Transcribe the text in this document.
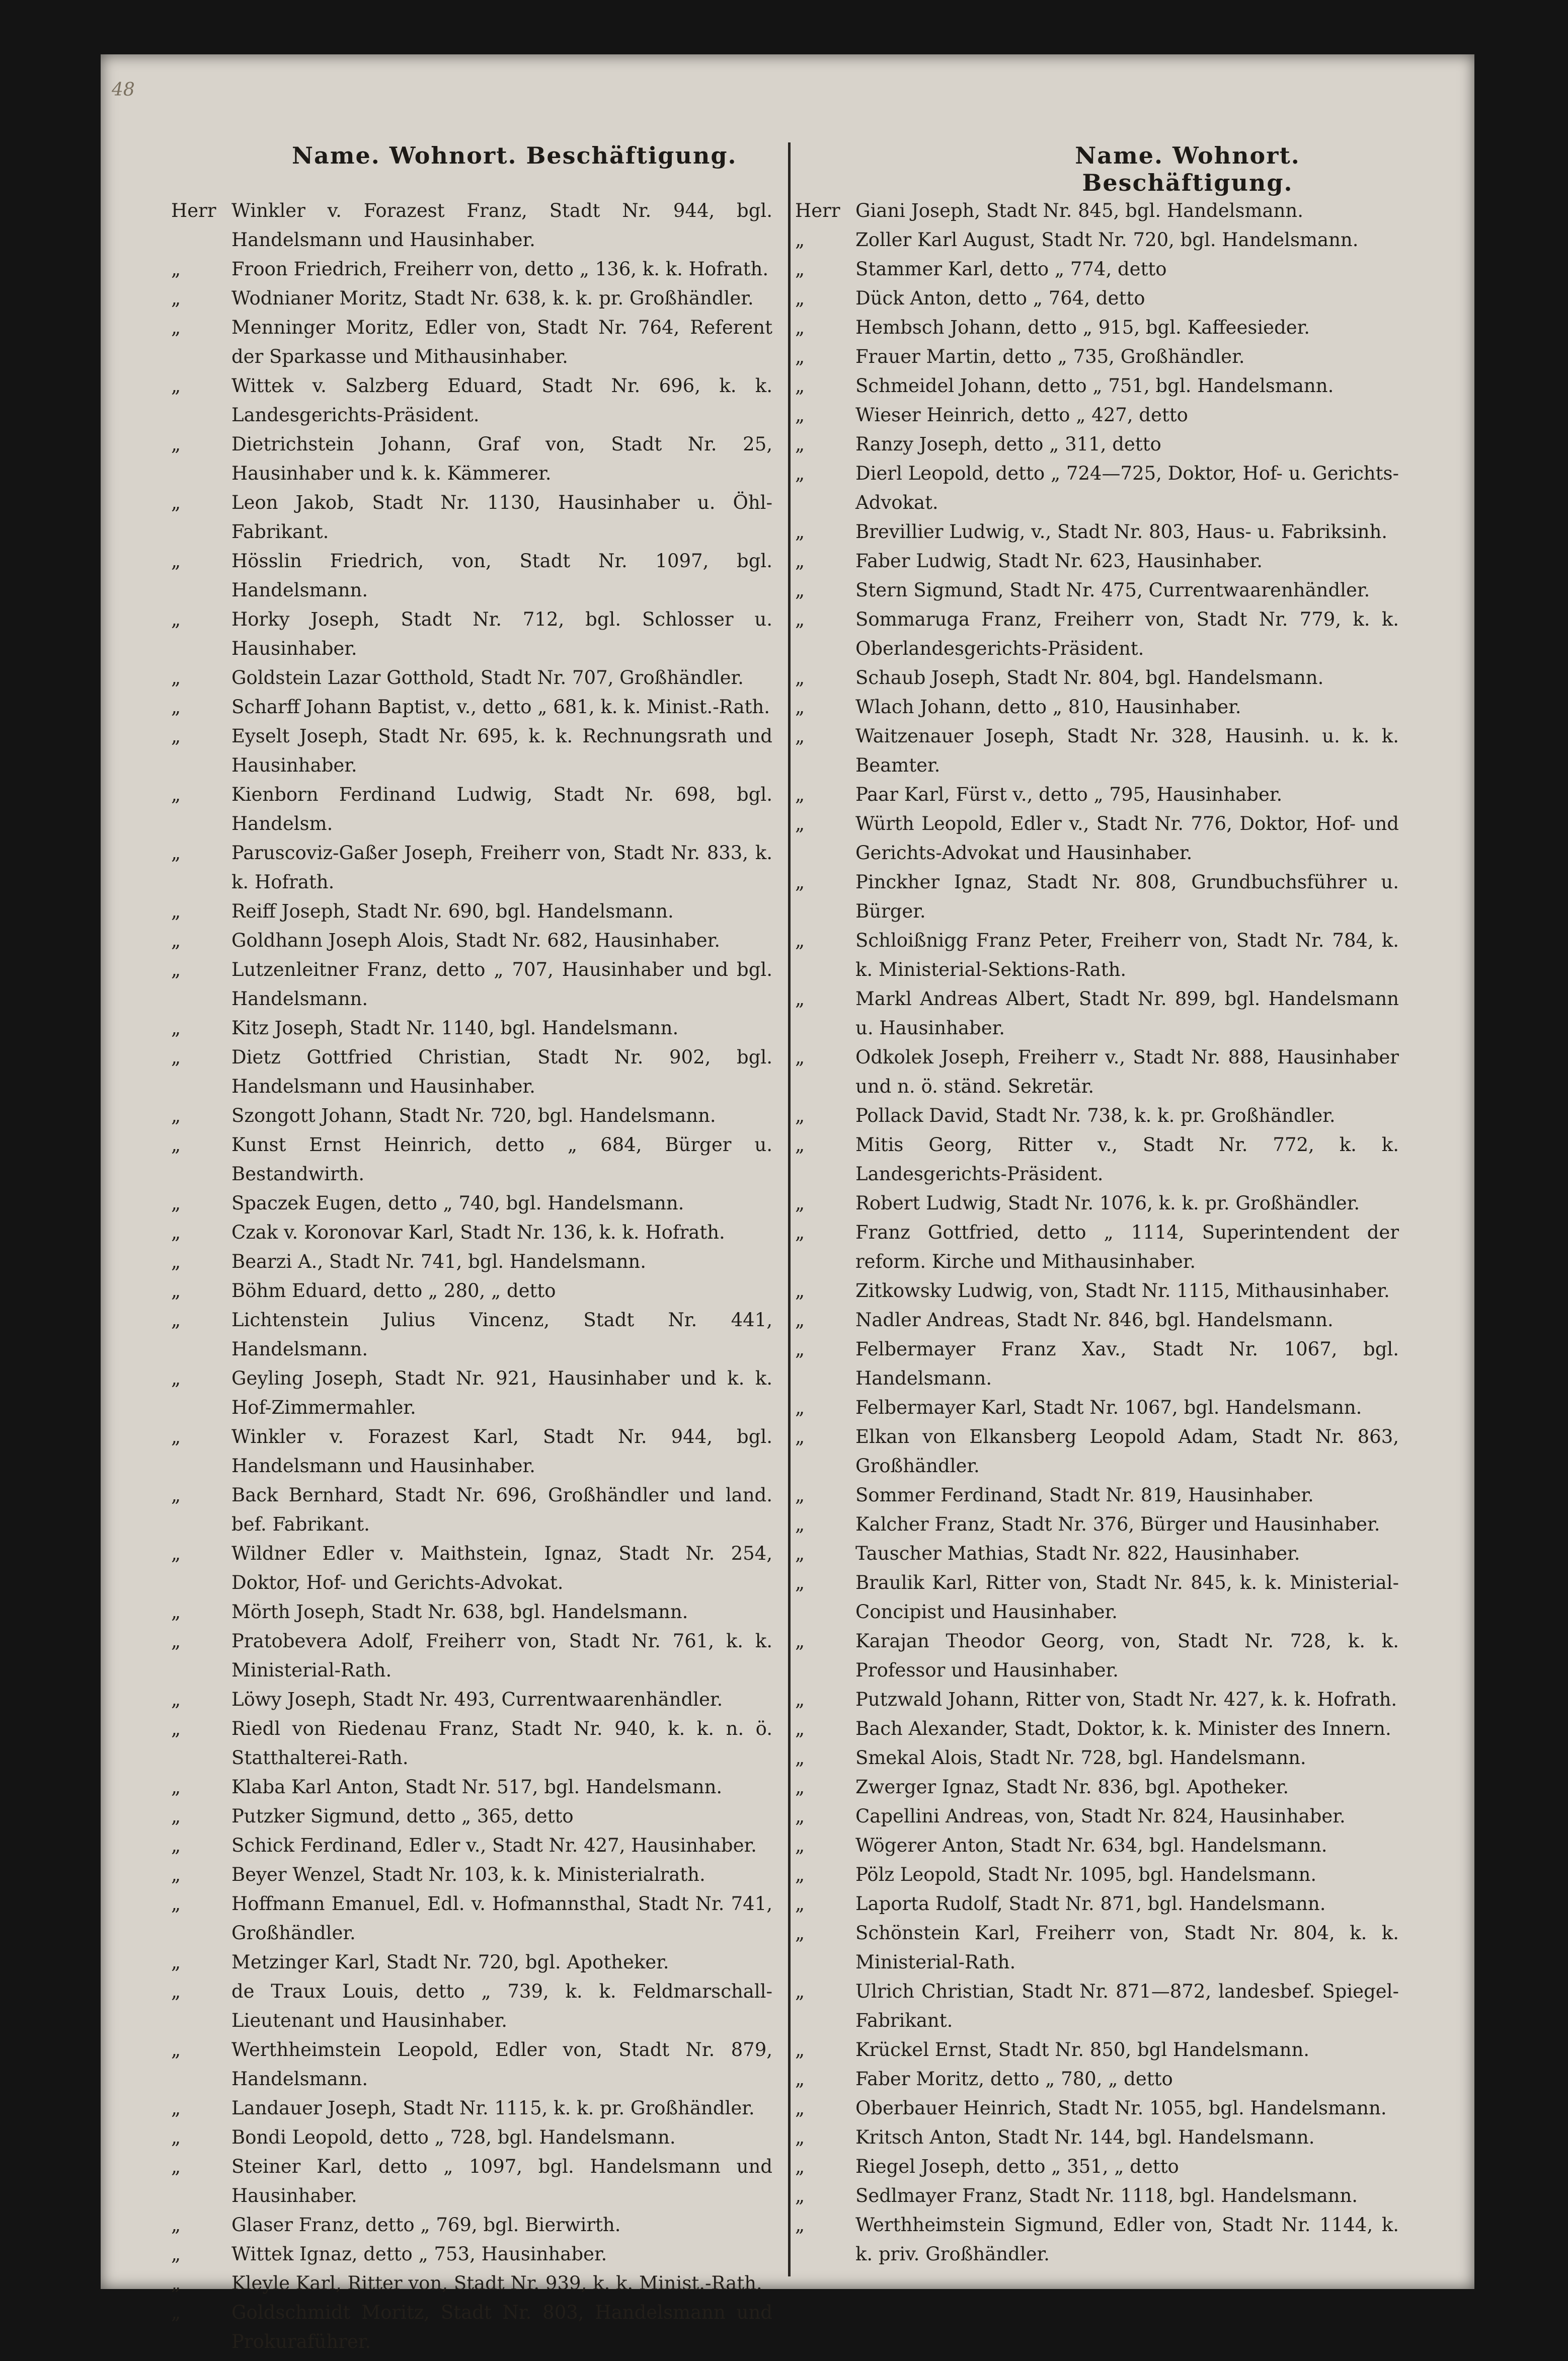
48
Name. Wohnort. Beschäftigung.
Herr Winkler v. Forazest Franz, Stadt Nr. 944, bgl. Handelsmann und Hausinhaber.
„	Froon Friedrich, Freiherr von, detto „ 136, k. k. Hofrath.
„	Wodnianer Moritz, Stadt Nr. 638, k. k. pr. Großhändler.
„	Menninger Moritz, Edler von, Stadt Nr. 764, Referent der Sparkasse und Mithausinhaber.
„	Wittek v. Salzberg Eduard, Stadt Nr. 696, k. k. Landesgerichts-Präsident.
„	Dietrichstein Johann, Graf von, Stadt Nr. 25, Hausinhaber und k. k. Kämmerer.
„	Leon Jakob, Stadt Nr. 1130, Hausinhaber u. Öhl-Fabrikant.
„	Hösslin Friedrich, von, Stadt Nr. 1097, bgl. Handelsmann.
„	Horky Joseph, Stadt Nr. 712, bgl. Schlosser u. Hausinhaber.
„	Goldstein Lazar Gotthold, Stadt Nr. 707, Großhändler.
„	Scharff Johann Baptist, v., detto „ 681, k. k. Minist.-Rath.
„	Eyselt Joseph, Stadt Nr. 695, k. k. Rechnungsrath und Hausinhaber.
„	Kienborn Ferdinand Ludwig, Stadt Nr. 698, bgl. Handelsm.
„	Paruscoviz-Gaßer Joseph, Freiherr von, Stadt Nr. 833, k. k. Hofrath.
„	Reiff Joseph, Stadt Nr. 690, bgl. Handelsmann.
„	Goldhann Joseph Alois, Stadt Nr. 682, Hausinhaber.
„	Lutzenleitner Franz, detto „ 707, Hausinhaber und bgl. Handelsmann.
„	Kitz Joseph, Stadt Nr. 1140, bgl. Handelsmann.
„	Dietz Gottfried Christian, Stadt Nr. 902, bgl. Handelsmann und Hausinhaber.
„	Szongott Johann, Stadt Nr. 720, bgl. Handelsmann.
„	Kunst Ernst Heinrich, detto „ 684, Bürger u. Bestandwirth.
„	Spaczek Eugen, detto „ 740, bgl. Handelsmann.
„	Czak v. Koronovar Karl, Stadt Nr. 136, k. k. Hofrath.
„	Bearzi A., Stadt Nr. 741, bgl. Handelsmann.
„	Böhm Eduard, detto „ 280, „ detto
„	Lichtenstein Julius Vincenz, Stadt Nr. 441, Handelsmann.
„	Geyling Joseph, Stadt Nr. 921, Hausinhaber und k. k. Hof-Zimmermahler.
„	Winkler v. Forazest Karl, Stadt Nr. 944, bgl. Handelsmann und Hausinhaber.
„	Back Bernhard, Stadt Nr. 696, Großhändler und land. bef. Fabrikant.
„	Wildner Edler v. Maithstein, Ignaz, Stadt Nr. 254, Doktor, Hof- und Gerichts-Advokat.
„	Mörth Joseph, Stadt Nr. 638, bgl. Handelsmann.
„	Pratobevera Adolf, Freiherr von, Stadt Nr. 761, k. k. Ministerial-Rath.
„	Löwy Joseph, Stadt Nr. 493, Currentwaarenhändler.
„	Riedl von Riedenau Franz, Stadt Nr. 940, k. k. n. ö. Statthalterei-Rath.
„	Klaba Karl Anton, Stadt Nr. 517, bgl. Handelsmann.
„	Putzker Sigmund, detto „ 365, detto
„	Schick Ferdinand, Edler v., Stadt Nr. 427, Hausinhaber.
„	Beyer Wenzel, Stadt Nr. 103, k. k. Ministerialrath.
„	Hoffmann Emanuel, Edl. v. Hofmannsthal, Stadt Nr. 741, Großhändler.
„	Metzinger Karl, Stadt Nr. 720, bgl. Apotheker.
„	de Traux Louis, detto „ 739, k. k. Feldmarschall-Lieutenant und Hausinhaber.
„	Werthheimstein Leopold, Edler von, Stadt Nr. 879, Handelsmann.
„	Landauer Joseph, Stadt Nr. 1115, k. k. pr. Großhändler.
„	Bondi Leopold, detto „ 728, bgl. Handelsmann.
„	Steiner Karl, detto „ 1097, bgl. Handelsmann und Hausinhaber.
„	Glaser Franz, detto „ 769, bgl. Bierwirth.
„	Wittek Ignaz, detto „ 753, Hausinhaber.
„	Kleyle Karl, Ritter von, Stadt Nr. 939, k. k. Minist.-Rath.
„	Goldschmidt Moritz, Stadt Nr. 803, Handelsmann und Prokuraführer.
Name. Wohnort. Beschäftigung.
Herr Giani Joseph, Stadt Nr. 845, bgl. Handelsmann.
„	Zoller Karl August, Stadt Nr. 720, bgl. Handelsmann.
„	Stammer Karl, detto „ 774, detto
„	Dück Anton, detto „ 764, detto
„	Hembsch Johann, detto „ 915, bgl. Kaffeesieder.
„	Frauer Martin, detto „ 735, Großhändler.
„	Schmeidel Johann, detto „ 751, bgl. Handelsmann.
„	Wieser Heinrich, detto „ 427, detto
„	Ranzy Joseph, detto „ 311, detto
„	Dierl Leopold, detto „ 724—725, Doktor, Hof- u. Gerichts-Advokat.
„	Brevillier Ludwig, v., Stadt Nr. 803, Haus- u. Fabriksinh.
„	Faber Ludwig, Stadt Nr. 623, Hausinhaber.
„	Stern Sigmund, Stadt Nr. 475, Currentwaarenhändler.
„	Sommaruga Franz, Freiherr von, Stadt Nr. 779, k. k. Oberlandesgerichts-Präsident.
„	Schaub Joseph, Stadt Nr. 804, bgl. Handelsmann.
„	Wlach Johann, detto „ 810, Hausinhaber.
„	Waitzenauer Joseph, Stadt Nr. 328, Hausinh. u. k. k. Beamter.
„	Paar Karl, Fürst v., detto „ 795, Hausinhaber.
„	Würth Leopold, Edler v., Stadt Nr. 776, Doktor, Hof- und Gerichts-Advokat und Hausinhaber.
„	Pinckher Ignaz, Stadt Nr. 808, Grundbuchsführer u. Bürger.
„	Schloißnigg Franz Peter, Freiherr von, Stadt Nr. 784, k. k. Ministerial-Sektions-Rath.
„	Markl Andreas Albert, Stadt Nr. 899, bgl. Handelsmann u. Hausinhaber.
„	Odkolek Joseph, Freiherr v., Stadt Nr. 888, Hausinhaber und n. ö. ständ. Sekretär.
„	Pollack David, Stadt Nr. 738, k. k. pr. Großhändler.
„	Mitis Georg, Ritter v., Stadt Nr. 772, k. k. Landesgerichts-Präsident.
„	Robert Ludwig, Stadt Nr. 1076, k. k. pr. Großhändler.
„	Franz Gottfried, detto „ 1114, Superintendent der reform. Kirche und Mithausinhaber.
„	Zitkowsky Ludwig, von, Stadt Nr. 1115, Mithausinhaber.
„	Nadler Andreas, Stadt Nr. 846, bgl. Handelsmann.
„	Felbermayer Franz Xav., Stadt Nr. 1067, bgl. Handelsmann.
„	Felbermayer Karl, Stadt Nr. 1067, bgl. Handelsmann.
„	Elkan von Elkansberg Leopold Adam, Stadt Nr. 863, Großhändler.
„	Sommer Ferdinand, Stadt Nr. 819, Hausinhaber.
„	Kalcher Franz, Stadt Nr. 376, Bürger und Hausinhaber.
„	Tauscher Mathias, Stadt Nr. 822, Hausinhaber.
„	Braulik Karl, Ritter von, Stadt Nr. 845, k. k. Ministerial-Concipist und Hausinhaber.
„	Karajan Theodor Georg, von, Stadt Nr. 728, k. k. Professor und Hausinhaber.
„	Putzwald Johann, Ritter von, Stadt Nr. 427, k. k. Hofrath.
„	Bach Alexander, Stadt, Doktor, k. k. Minister des Innern.
„	Smekal Alois, Stadt Nr. 728, bgl. Handelsmann.
„	Zwerger Ignaz, Stadt Nr. 836, bgl. Apotheker.
„	Capellini Andreas, von, Stadt Nr. 824, Hausinhaber.
„	Wögerer Anton, Stadt Nr. 634, bgl. Handelsmann.
„	Pölz Leopold, Stadt Nr. 1095, bgl. Handelsmann.
„	Laporta Rudolf, Stadt Nr. 871, bgl. Handelsmann.
„	Schönstein Karl, Freiherr von, Stadt Nr. 804, k. k. Ministerial-Rath.
„	Ulrich Christian, Stadt Nr. 871—872, landesbef. Spiegel-Fabrikant.
„	Krückel Ernst, Stadt Nr. 850, bgl Handelsmann.
„	Faber Moritz, detto „ 780, „ detto
„	Oberbauer Heinrich, Stadt Nr. 1055, bgl. Handelsmann.
„	Kritsch Anton, Stadt Nr. 144, bgl. Handelsmann.
„	Riegel Joseph, detto „ 351, „ detto
„	Sedlmayer Franz, Stadt Nr. 1118, bgl. Handelsmann.
„	Werthheimstein Sigmund, Edler von, Stadt Nr. 1144, k. k. priv. Großhändler.
